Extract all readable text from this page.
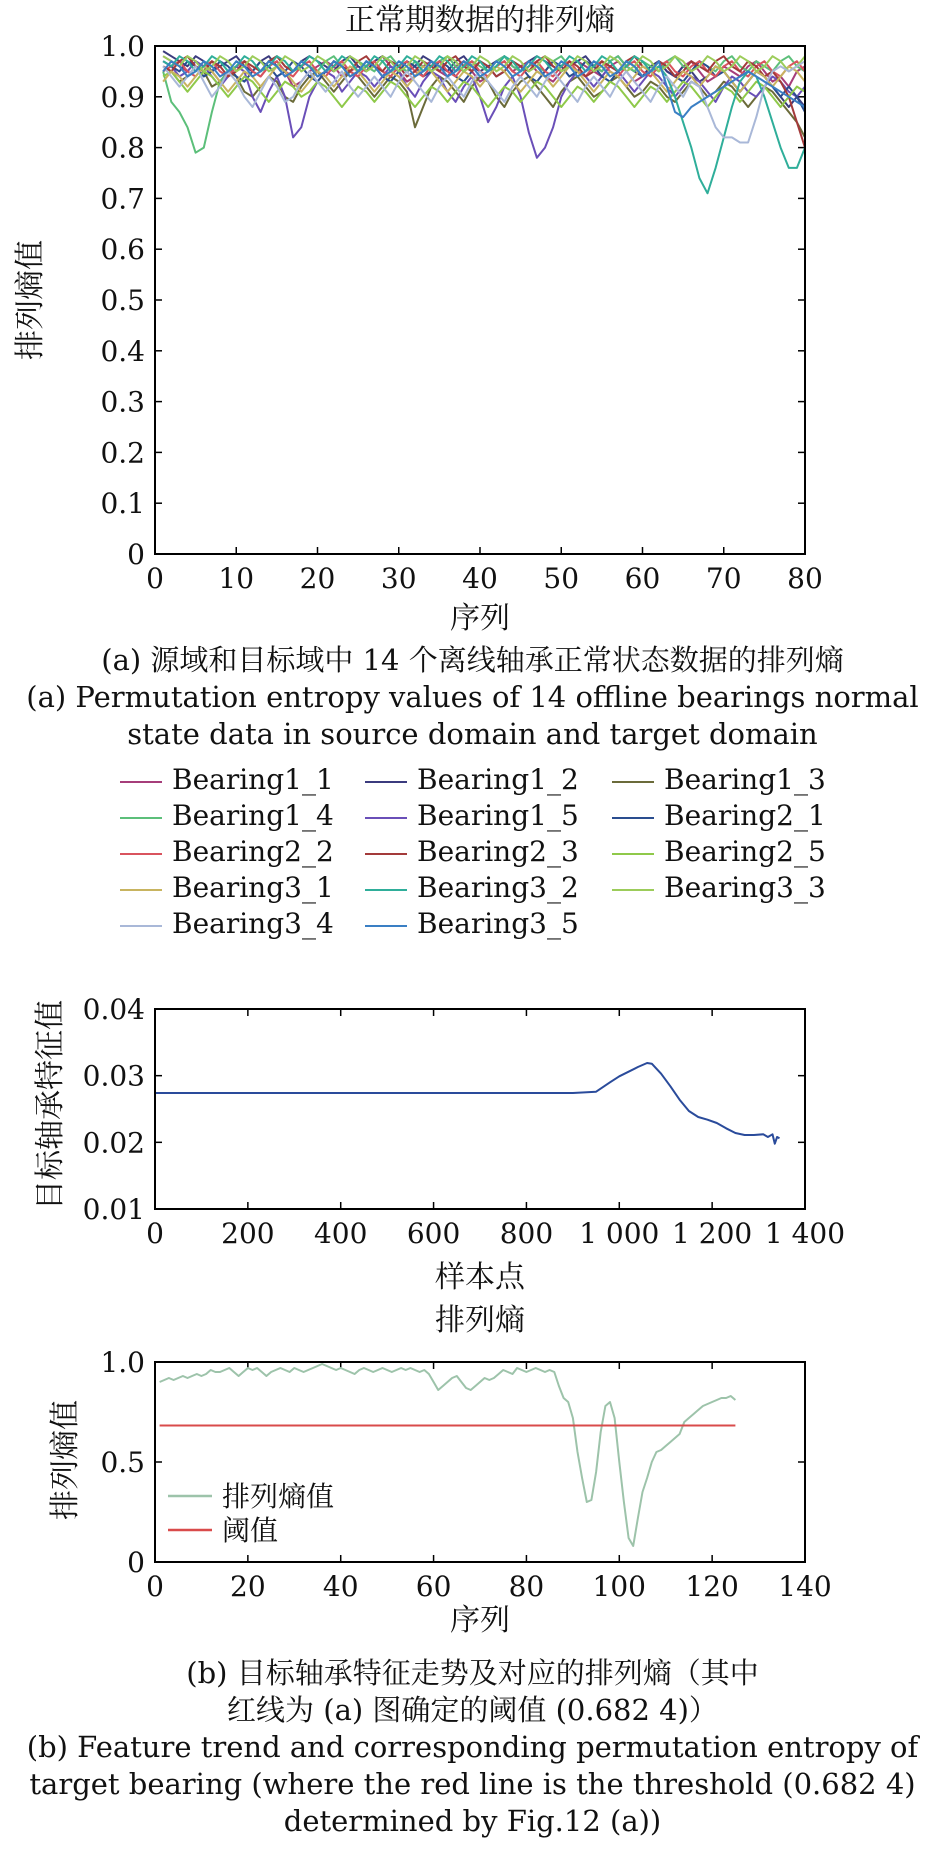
正常期数据的排列熵
排列熵值
序列
0 10 20 30 40 50 60 70 80
0
0.1
0.2
0.3
0.4
0.5
0.6
0.7
0.8
0.9
1.0
(a) 源域和目标域中 14 个离线轴承正常状态数据的排列熵
(a) Permutation entropy values of 14 offline bearings normal
state data in source domain and target domain
Bearing1_1	Bearing1_2	Bearing1_3
Bearing1_4	Bearing1_5	Bearing2_1
Bearing2_2	Bearing2_3	Bearing2_5
Bearing3_1	Bearing3_2	Bearing3_3
Bearing3_4	Bearing3_5
目标轴承特征值
样本点
0 200 400 600 800 1 000 1 200 1 400
0.01
0.02
0.03
0.04
排列熵
排列熵值
序列
0 20 40 60 80 100 120 140
0
0.5
1.0
排列熵值
阈值
(b) 目标轴承特征走势及对应的排列熵（其中
红线为 (a) 图确定的阈值 (0.682 4)）
(b) Feature trend and corresponding permutation entropy of
target bearing (where the red line is the threshold (0.682 4)
determined by Fig.12 (a))
